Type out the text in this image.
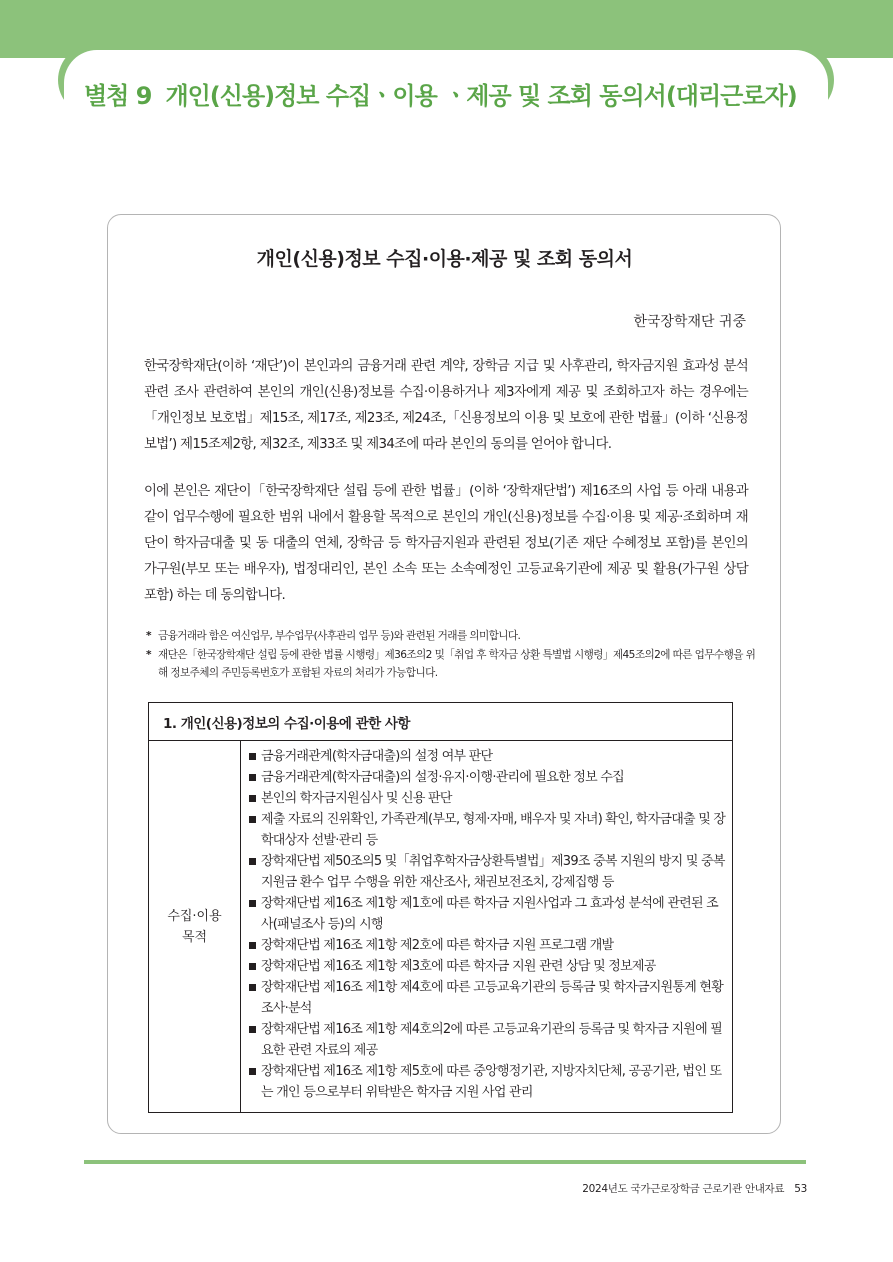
별첨 9 개인(신용)정보 수집ㆍ이용 ㆍ제공 및 조회 동의서(대리근로자)
개인(신용)정보 수집·이용·제공 및 조회 동의서
한국장학재단 귀중

한국장학재단(이하 ‘재단’)이 본인과의 금융거래 관련 계약, 장학금 지급 및 사후관리, 학자금지원 효과성 분석 관련 조사 관련하여 본인의 개인(신용)정보를 수집·이용하거나 제3자에게 제공 및 조회하고자 하는 경우에는「개인정보 보호법」제15조, 제17조, 제23조, 제24조,「신용정보의 이용 및 보호에 관한 법률」(이하 ‘신용정보법’) 제15조제2항, 제32조, 제33조 및 제34조에 따라 본인의 동의를 얻어야 합니다.

이에 본인은 재단이「한국장학재단 설립 등에 관한 법률」(이하 ‘장학재단법’) 제16조의 사업 등 아래 내용과 같이 업무수행에 필요한 범위 내에서 활용할 목적으로 본인의 개인(신용)정보를 수집·이용 및 제공·조회하며 재단이 학자금대출 및 동 대출의 연체, 장학금 등 학자금지원과 관련된 정보(기존 재단 수혜정보 포함)를 본인의 가구원(부모 또는 배우자), 법정대리인, 본인 소속 또는 소속예정인 고등교육기관에 제공 및 활용(가구원 상담 포함) 하는 데 동의합니다.

* 금융거래라 함은 여신업무, 부수업무(사후관리 업무 등)와 관련된 거래를 의미합니다.
* 재단은「한국장학재단 설립 등에 관한 법률 시행령」제36조의2 및「취업 후 학자금 상환 특별법 시행령」제45조의2에 따른 업무수행을 위해 정보주체의 주민등록번호가 포함된 자료의 처리가 가능합니다.
1. 개인(신용)정보의 수집·이용에 관한 사항

수집·이용
목적

금융거래관계(학자금대출)의 설정 여부 판단
금융거래관계(학자금대출)의 설정·유지·이행·관리에 필요한 정보 수집
본인의 학자금지원심사 및 신용 판단
제출 자료의 진위확인, 가족관계(부모, 형제·자매, 배우자 및 자녀) 확인, 학자금대출 및 장학대상자 선발·관리 등
장학재단법 제50조의5 및「취업후학자금상환특별법」제39조 중복 지원의 방지 및 중복지원금 환수 업무 수행을 위한 재산조사, 채권보전조치, 강제집행 등
장학재단법 제16조 제1항 제1호에 따른 학자금 지원사업과 그 효과성 분석에 관련된 조사(패널조사 등)의 시행
장학재단법 제16조 제1항 제2호에 따른 학자금 지원 프로그램 개발
장학재단법 제16조 제1항 제3호에 따른 학자금 지원 관련 상담 및 정보제공
장학재단법 제16조 제1항 제4호에 따른 고등교육기관의 등록금 및 학자금지원통계 현황 조사·분석
장학재단법 제16조 제1항 제4호의2에 따른 고등교육기관의 등록금 및 학자금 지원에 필요한 관련 자료의 제공
장학재단법 제16조 제1항 제5호에 따른 중앙행정기관, 지방자치단체, 공공기관, 법인 또는 개인 등으로부터 위탁받은 학자금 지원 사업 관리
2024년도 국가근로장학금 근로기관 안내자료 53
